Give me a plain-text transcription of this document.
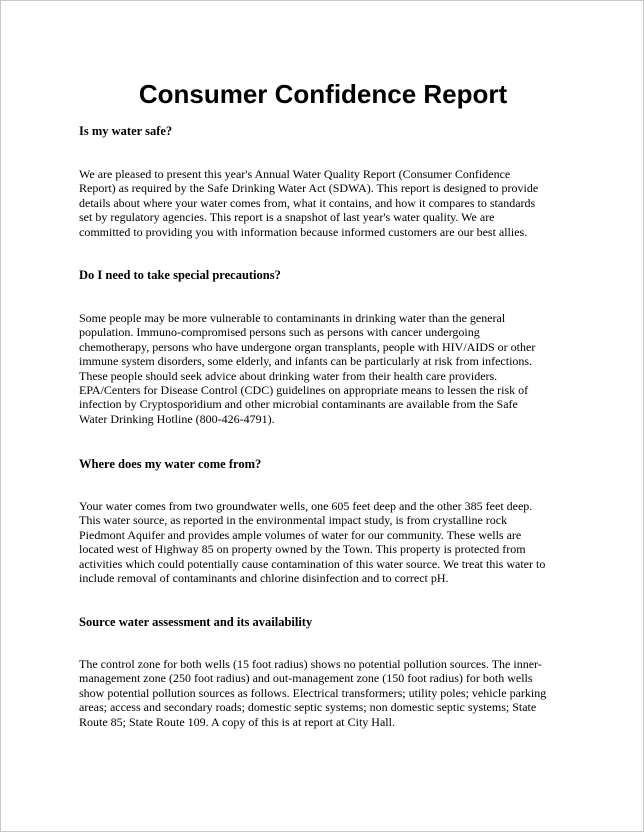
Consumer Confidence Report
Is my water safe?
We are pleased to present this year's Annual Water Quality Report (Consumer Confidence
Report) as required by the Safe Drinking Water Act (SDWA). This report is designed to provide
details about where your water comes from, what it contains, and how it compares to standards
set by regulatory agencies. This report is a snapshot of last year's water quality. We are
committed to providing you with information because informed customers are our best allies.
Do I need to take special precautions?
Some people may be more vulnerable to contaminants in drinking water than the general
population. Immuno-compromised persons such as persons with cancer undergoing
chemotherapy, persons who have undergone organ transplants, people with HIV/AIDS or other
immune system disorders, some elderly, and infants can be particularly at risk from infections.
These people should seek advice about drinking water from their health care providers.
EPA/Centers for Disease Control (CDC) guidelines on appropriate means to lessen the risk of
infection by Cryptosporidium and other microbial contaminants are available from the Safe
Water Drinking Hotline (800-426-4791).
Where does my water come from?
Your water comes from two groundwater wells, one 605 feet deep and the other 385 feet deep.
This water source, as reported in the environmental impact study, is from crystalline rock
Piedmont Aquifer and provides ample volumes of water for our community. These wells are
located west of Highway 85 on property owned by the Town. This property is protected from
activities which could potentially cause contamination of this water source. We treat this water to
include removal of contaminants and chlorine disinfection and to correct pH.
Source water assessment and its availability
The control zone for both wells (15 foot radius) shows no potential pollution sources. The inner-
management zone (250 foot radius) and out-management zone (150 foot radius) for both wells
show potential pollution sources as follows. Electrical transformers; utility poles; vehicle parking
areas; access and secondary roads; domestic septic systems; non domestic septic systems; State
Route 85; State Route 109. A copy of this is at report at City Hall.
